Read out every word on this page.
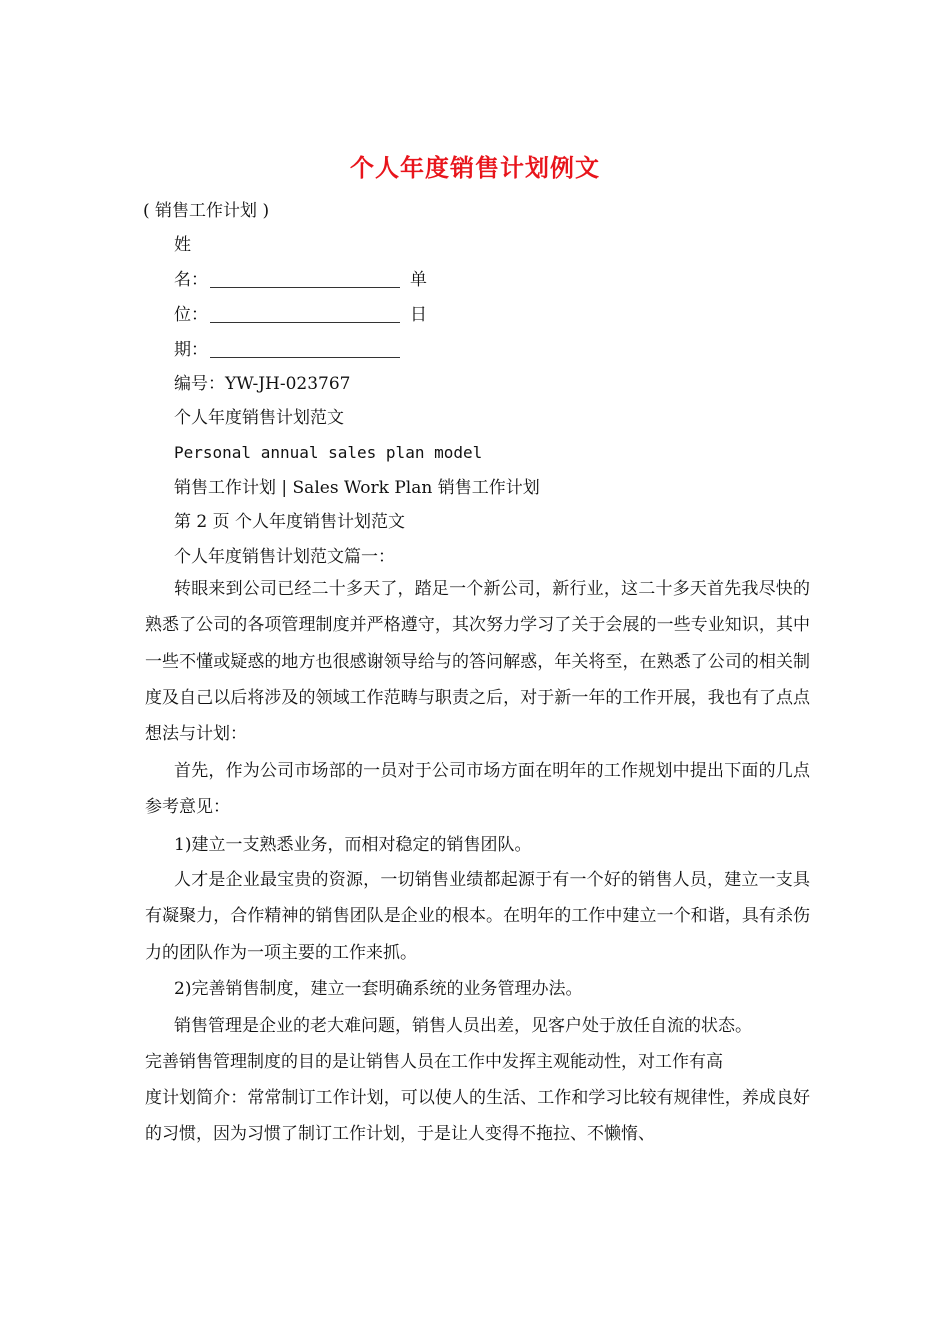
个人年度销售计划例文
( 销售工作计划 )
姓
名：	单
位：	日
期：
编号：YW-JH-023767
个人年度销售计划范文
Personal annual sales plan model
销售工作计划 | Sales Work Plan 销售工作计划
第 2 页 个人年度销售计划范文
个人年度销售计划范文篇一：
转眼来到公司已经二十多天了，踏足一个新公司，新行业，这二十多天首先我尽快的熟悉了公司的各项管理制度并严格遵守，其次努力学习了关于会展的一些专业知识，其中一些不懂或疑惑的地方也很感谢领导给与的答问解惑，年关将至，在熟悉了公司的相关制度及自己以后将涉及的领域工作范畴与职责之后，对于新一年的工作开展，我也有了点点想法与计划：
首先，作为公司市场部的一员对于公司市场方面在明年的工作规划中提出下面的几点参考意见：
1)建立一支熟悉业务，而相对稳定的销售团队。
人才是企业最宝贵的资源，一切销售业绩都起源于有一个好的销售人员，建立一支具有凝聚力，合作精神的销售团队是企业的根本。在明年的工作中建立一个和谐，具有杀伤力的团队作为一项主要的工作来抓。
2)完善销售制度，建立一套明确系统的业务管理办法。
销售管理是企业的老大难问题，销售人员出差，见客户处于放任自流的状态。
完善销售管理制度的目的是让销售人员在工作中发挥主观能动性，对工作有高
度计划简介：常常制订工作计划，可以使人的生活、工作和学习比较有规律性，养成良好的习惯，因为习惯了制订工作计划，于是让人变得不拖拉、不懒惰、
